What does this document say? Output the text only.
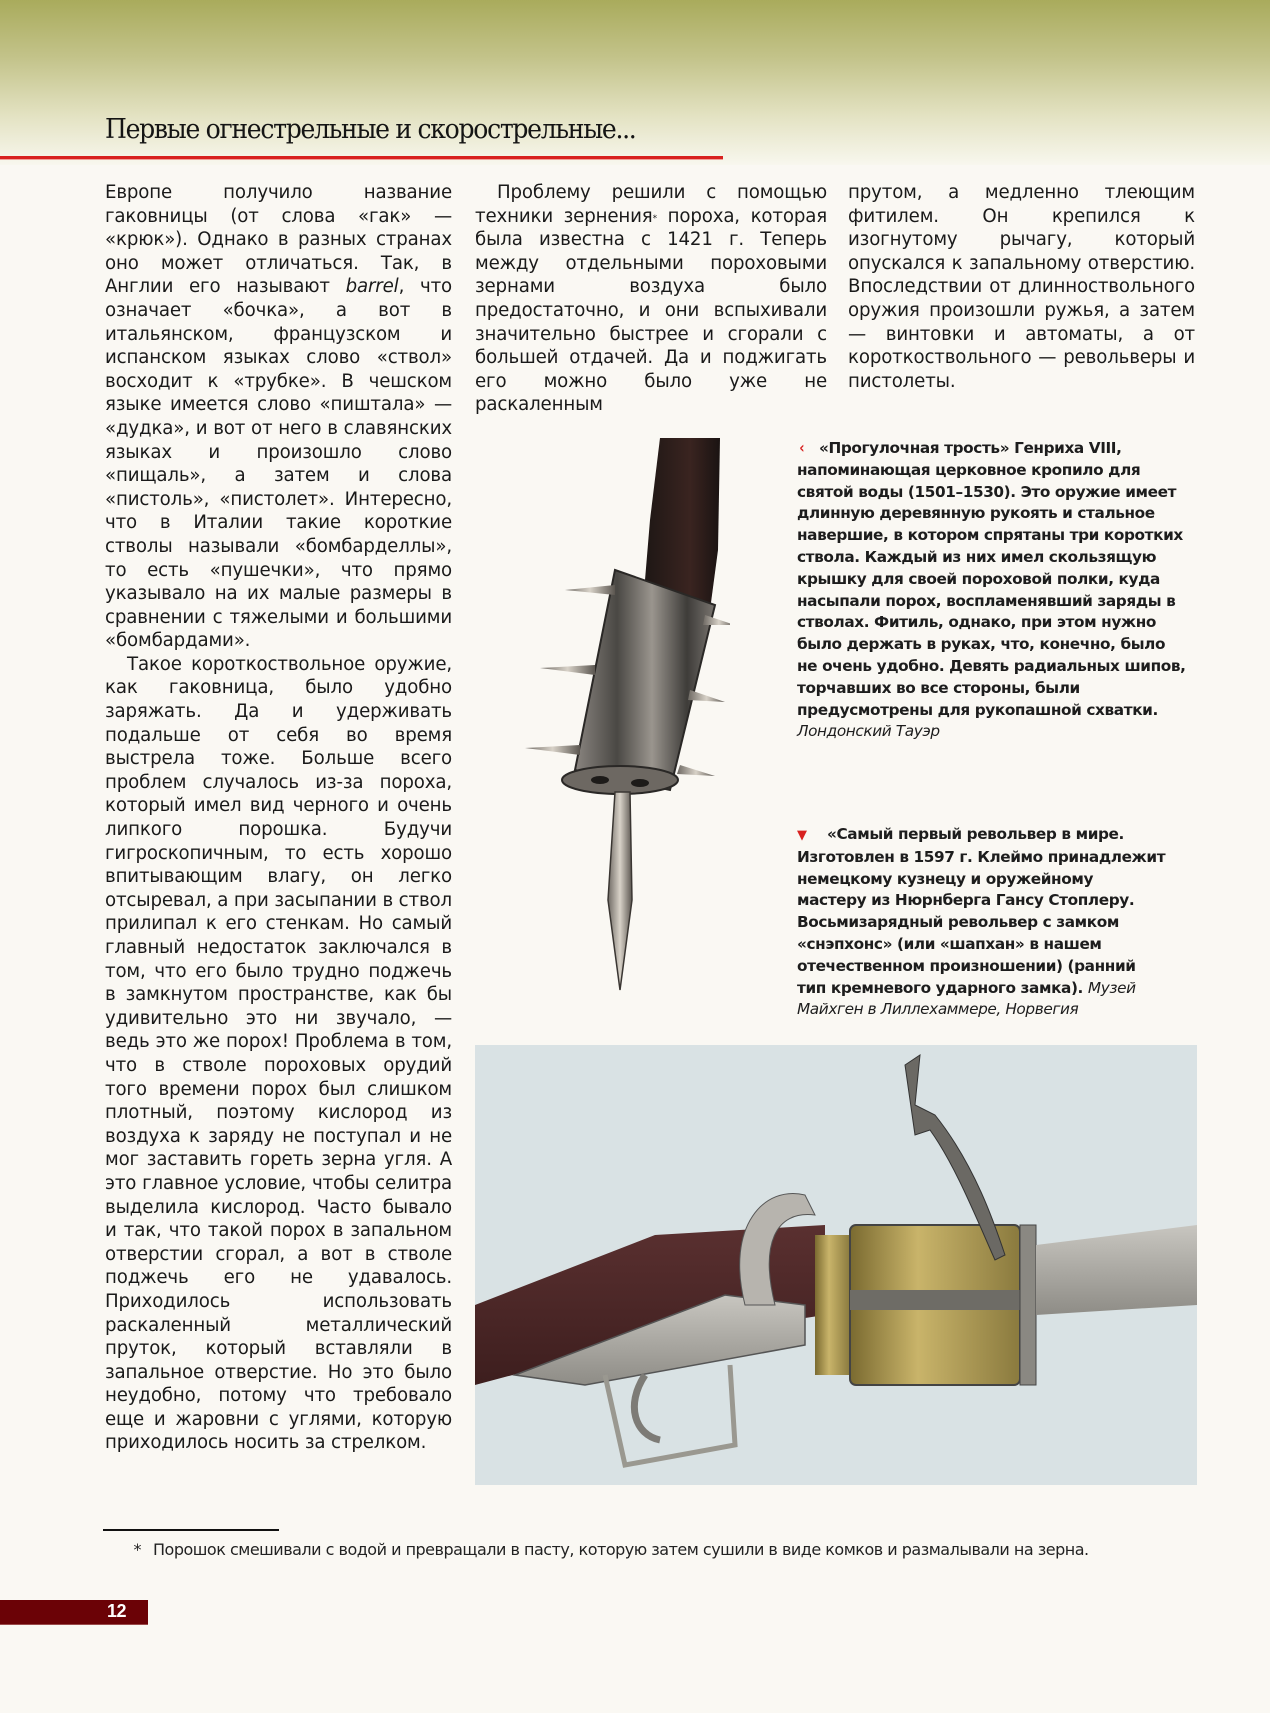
Первые огнестрельные и скорострельные...

Европе получило название гаковницы (от слова «гак» — «крюк»). Однако в разных странах оно может отличаться. Так, в Англии его называют barrel, что означает «бочка», а вот в итальянском, французском и испанском языках слово «ствол» восходит к «трубке». В чешском языке имеется слово «пиштала» — «дудка», и вот от него в славянских языках и произошло слово «пищаль», а затем и слова «пистоль», «пистолет». Интересно, что в Италии такие короткие стволы называли «бомбарделлы», то есть «пушечки», что прямо указывало на их малые размеры в сравнении с тяжелыми и большими «бомбардами».

Такое короткоствольное оружие, как гаковница, было удобно заряжать. Да и удерживать подальше от себя во время выстрела тоже. Больше всего проблем случалось из-за пороха, который имел вид черного и очень липкого порошка. Будучи гигроскопичным, то есть хорошо впитывающим влагу, он легко отсыревал, а при засыпании в ствол прилипал к его стенкам. Но самый главный недостаток заключался в том, что его было трудно поджечь в замкнутом пространстве, как бы удивительно это ни звучало, — ведь это же порох! Проблема в том, что в стволе пороховых орудий того времени порох был слишком плотный, поэтому кислород из воздуха к заряду не поступал и не мог заставить гореть зерна угля. А это главное условие, чтобы селитра выделила кислород. Часто бывало и так, что такой порох в запальном отверстии сгорал, а вот в стволе поджечь его не удавалось. Приходилось использовать раскаленный металлический пруток, который вставляли в запальное отверстие. Но это было неудобно, потому что требовало еще и жаровни с углями, которую приходилось носить за стрелком.

Проблему решили с помощью техники зернения* пороха, которая была известна с 1421 г. Теперь между отдельными пороховыми зернами воздуха было предостаточно, и они вспыхивали значительно быстрее и сгорали с большей отдачей. Да и поджигать его можно было уже не раскаленным

прутом, а медленно тлеющим фитилем. Он крепился к изогнутому рычагу, который опускался к запальному отверстию. Впоследствии от длинноствольного оружия произошли ружья, а затем — винтовки и автоматы, а от короткоствольного — револьверы и пистолеты.

‹ «Прогулочная трость» Генриха VIII, напоминающая церковное кропило для святой воды (1501–1530). Это оружие имеет длинную деревянную рукоять и стальное навершие, в котором спрятаны три коротких ствола. Каждый из них имел скользящую крышку для своей пороховой полки, куда насыпали порох, воспламенявший заряды в стволах. Фитиль, однако, при этом нужно было держать в руках, что, конечно, было не очень удобно. Девять радиальных шипов, торчавших во все стороны, были предусмотрены для рукопашной схватки.
Лондонский Тауэр
▼ «Самый первый револьвер в мире. Изготовлен в 1597 г. Клеймо принадлежит немецкому кузнецу и оружейному мастеру из Нюрнберга Гансу Стоплеру. Восьмизарядный револьвер с замком «снэпхонс» (или «шапхан» в нашем отечественном произношении) (ранний тип кремневого ударного замка). Музей Майхген в Лиллехаммере, Норвегия
* Порошок смешивали с водой и превращали в пасту, которую затем сушили в виде комков и размалывали на зерна.
12
